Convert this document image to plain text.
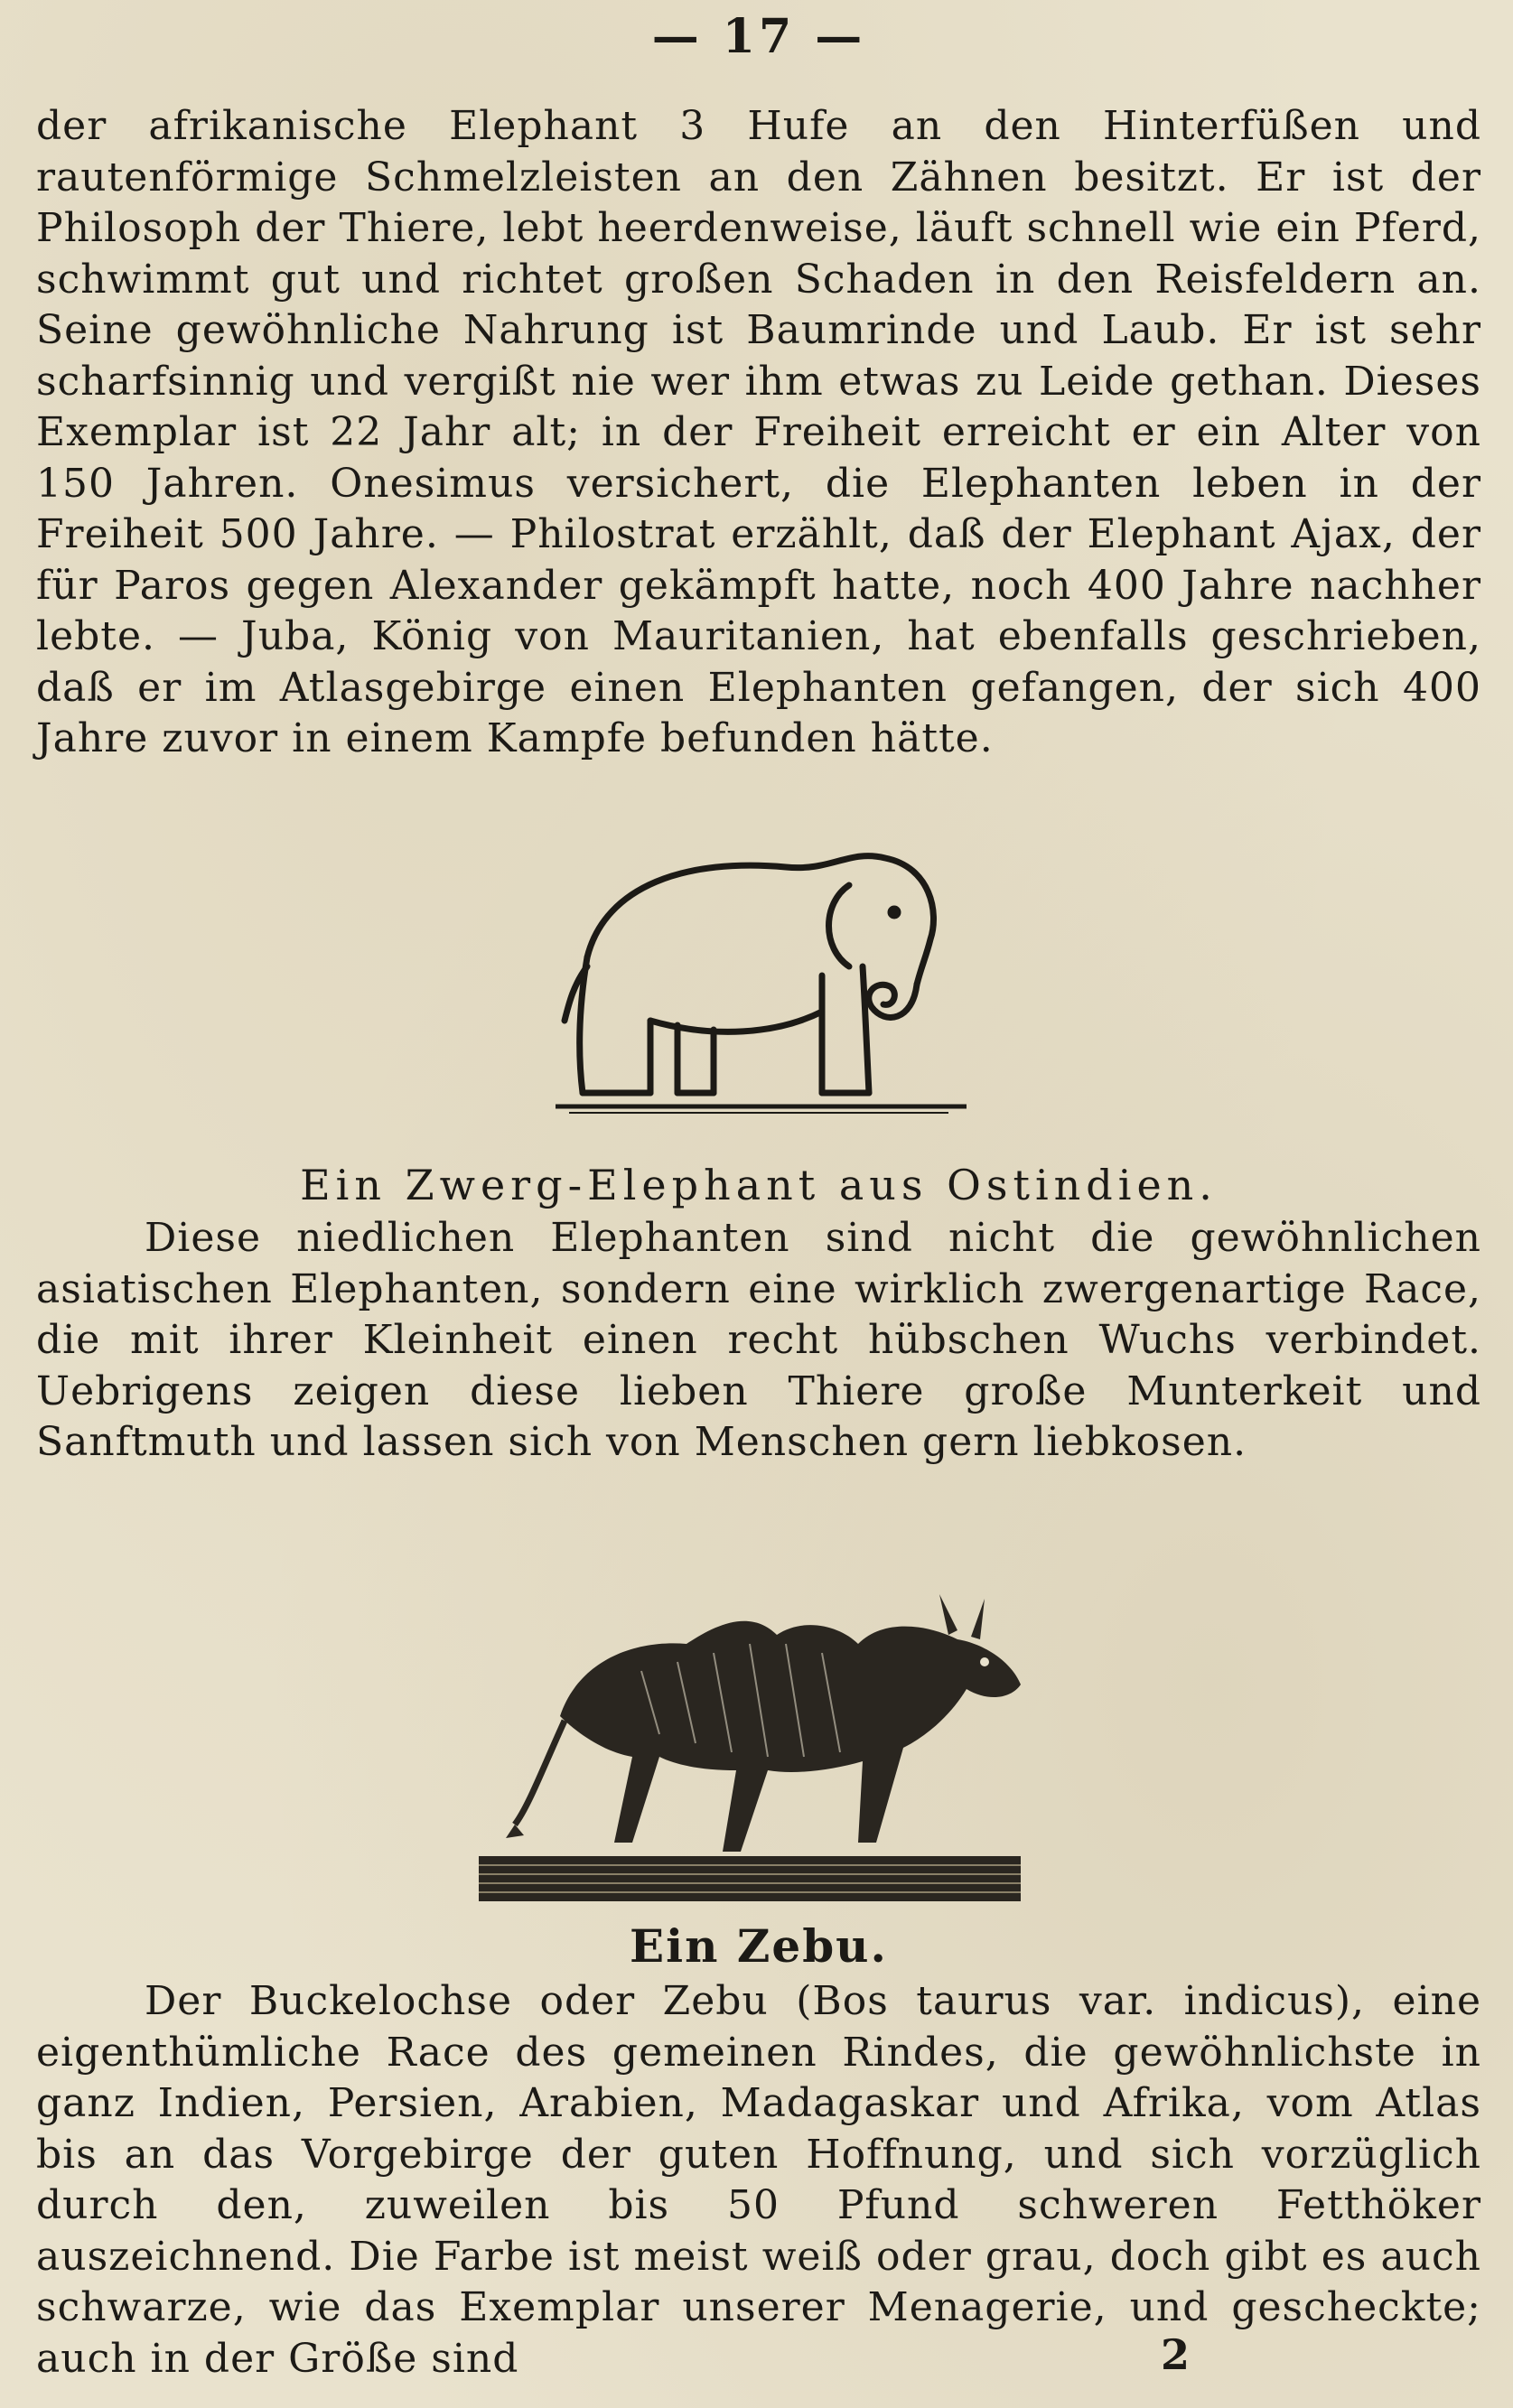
— 17 —

der afrikanische Elephant 3 Hufe an den Hinterfüßen und rautenförmige Schmelzleisten an den Zähnen besitzt. Er ist der Philosoph der Thiere, lebt heerdenweise, läuft schnell wie ein Pferd, schwimmt gut und richtet großen Schaden in den Reisfeldern an. Seine gewöhnliche Nahrung ist Baumrinde und Laub. Er ist sehr scharfsinnig und vergißt nie wer ihm etwas zu Leide gethan. Dieses Exemplar ist 22 Jahr alt; in der Freiheit erreicht er ein Alter von 150 Jahren. Onesimus versichert, die Elephanten leben in der Freiheit 500 Jahre. — Philostrat erzählt, daß der Elephant Ajax, der für Paros gegen Alexander gekämpft hatte, noch 400 Jahre nachher lebte. — Juba, König von Mauritanien, hat ebenfalls geschrieben, daß er im Atlasgebirge einen Elephanten gefangen, der sich 400 Jahre zuvor in einem Kampfe befunden hätte.

Ein Zwerg-Elephant aus Ostindien.

Diese niedlichen Elephanten sind nicht die gewöhnlichen asiatischen Elephanten, sondern eine wirklich zwergenartige Race, die mit ihrer Kleinheit einen recht hübschen Wuchs verbindet. Uebrigens zeigen diese lieben Thiere große Munterkeit und Sanftmuth und lassen sich von Menschen gern liebkosen.

Ein Zebu.

Der Buckelochse oder Zebu (Bos taurus var. indicus), eine eigenthümliche Race des gemeinen Rindes, die gewöhnlichste in ganz Indien, Persien, Arabien, Madagaskar und Afrika, vom Atlas bis an das Vorgebirge der guten Hoffnung, und sich vorzüglich durch den, zuweilen bis 50 Pfund schweren Fetthöker auszeichnend. Die Farbe ist meist weiß oder grau, doch gibt es auch schwarze, wie das Exemplar unserer Menagerie, und gescheckte; auch in der Größe sind	2
